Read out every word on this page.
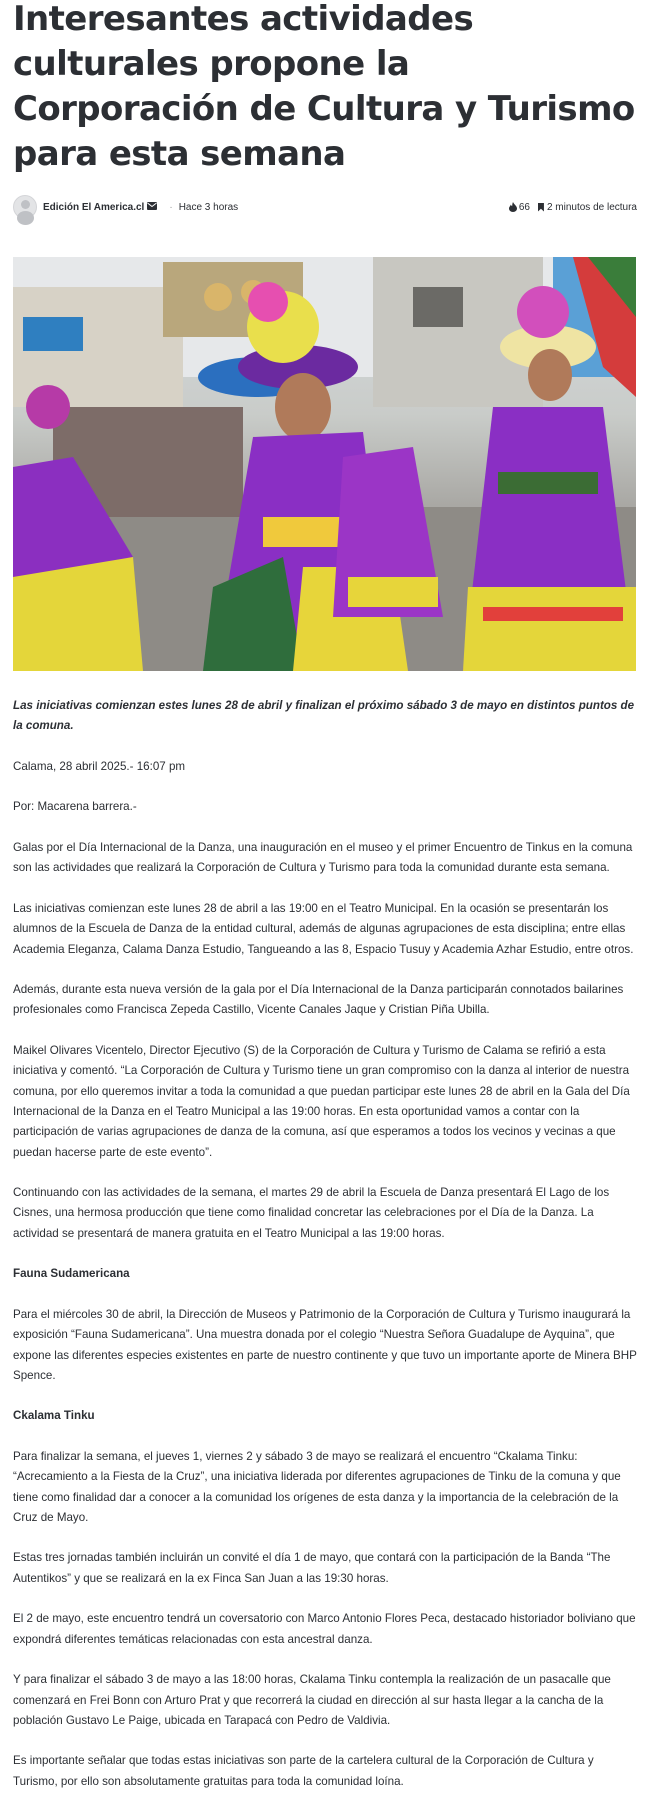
Interesantes actividades culturales propone la Corporación de Cultura y Turismo para esta semana
Edición El America.cl	· Hace 3 horas	66 2 minutos de lectura

Las iniciativas comienzan estes lunes 28 de abril y finalizan el próximo sábado 3 de mayo en distintos puntos de la comuna.

Calama, 28 abril 2025.- 16:07 pm

Por: Macarena barrera.-

Galas por el Día Internacional de la Danza, una inauguración en el museo y el primer Encuentro de Tinkus en la comuna son las actividades que realizará la Corporación de Cultura y Turismo para toda la comunidad durante esta semana.

Las iniciativas comienzan este lunes 28 de abril a las 19:00 en el Teatro Municipal. En la ocasión se presentarán los alumnos de la Escuela de Danza de la entidad cultural, además de algunas agrupaciones de esta disciplina; entre ellas Academia Eleganza, Calama Danza Estudio, Tangueando a las 8, Espacio Tusuy y Academia Azhar Estudio, entre otros.

Además, durante esta nueva versión de la gala por el Día Internacional de la Danza participarán connotados bailarines profesionales como Francisca Zepeda Castillo, Vicente Canales Jaque y Cristian Piña Ubilla.

Maikel Olivares Vicentelo, Director Ejecutivo (S) de la Corporación de Cultura y Turismo de Calama se refirió a esta iniciativa y comentó. “La Corporación de Cultura y Turismo tiene un gran compromiso con la danza al interior de nuestra comuna, por ello queremos invitar a toda la comunidad a que puedan participar este lunes 28 de abril en la Gala del Día Internacional de la Danza en el Teatro Municipal a las 19:00 horas. En esta oportunidad vamos a contar con la participación de varias agrupaciones de danza de la comuna, así que esperamos a todos los vecinos y vecinas a que puedan hacerse parte de este evento”.

Continuando con las actividades de la semana, el martes 29 de abril la Escuela de Danza presentará El Lago de los Cisnes, una hermosa producción que tiene como finalidad concretar las celebraciones por el Día de la Danza. La actividad se presentará de manera gratuita en el Teatro Municipal a las 19:00 horas.

Fauna Sudamericana

Para el miércoles 30 de abril, la Dirección de Museos y Patrimonio de la Corporación de Cultura y Turismo inaugurará la exposición “Fauna Sudamericana”. Una muestra donada por el colegio “Nuestra Señora Guadalupe de Ayquina”, que expone las diferentes especies existentes en parte de nuestro continente y que tuvo un importante aporte de Minera BHP Spence.

Ckalama Tinku

Para finalizar la semana, el jueves 1, viernes 2 y sábado 3 de mayo se realizará el encuentro “Ckalama Tinku: “Acrecamiento a la Fiesta de la Cruz”, una iniciativa liderada por diferentes agrupaciones de Tinku de la comuna y que tiene como finalidad dar a conocer a la comunidad los orígenes de esta danza y la importancia de la celebración de la Cruz de Mayo.

Estas tres jornadas también incluirán un convité el día 1 de mayo, que contará con la participación de la Banda “The Autentikos” y que se realizará en la ex Finca San Juan a las 19:30 horas.

El 2 de mayo, este encuentro tendrá un coversatorio con Marco Antonio Flores Peca, destacado historiador boliviano que expondrá diferentes temáticas relacionadas con esta ancestral danza.

Y para finalizar el sábado 3 de mayo a las 18:00 horas, Ckalama Tinku contempla la realización de un pasacalle que comenzará en Frei Bonn con Arturo Prat y que recorrerá la ciudad en dirección al sur hasta llegar a la cancha de la población Gustavo Le Paige, ubicada en Tarapacá con Pedro de Valdivia.

Es importante señalar que todas estas iniciativas son parte de la cartelera cultural de la Corporación de Cultura y Turismo, por ello son absolutamente gratuitas para toda la comunidad loína.
